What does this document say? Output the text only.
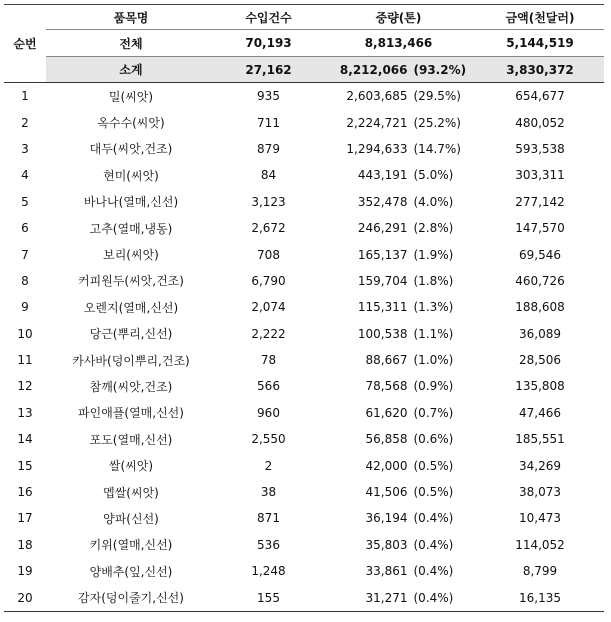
순번	품목명	수입건수	중량(톤)	금액(천달러)
	전체	70,193	8,813,466	5,144,519
	소계	27,162	8,212,066 (93.2%)	3,830,372
1	밀(씨앗)	935	2,603,685 (29.5%)	654,677
2	옥수수(씨앗)	711	2,224,721 (25.2%)	480,052
3	대두(씨앗,건조)	879	1,294,633 (14.7%)	593,538
4	현미(씨앗)	84	443,191 (5.0%)	303,311
5	바나나(열매,신선)	3,123	352,478 (4.0%)	277,142
6	고추(열매,냉동)	2,672	246,291 (2.8%)	147,570
7	보리(씨앗)	708	165,137 (1.9%)	69,546
8	커피원두(씨앗,건조)	6,790	159,704 (1.8%)	460,726
9	오렌지(열매,신선)	2,074	115,311 (1.3%)	188,608
10	당근(뿌리,신선)	2,222	100,538 (1.1%)	36,089
11	카사바(덩이뿌리,건조)	78	88,667 (1.0%)	28,506
12	참깨(씨앗,건조)	566	78,568 (0.9%)	135,808
13	파인애플(열매,신선)	960	61,620 (0.7%)	47,466
14	포도(열매,신선)	2,550	56,858 (0.6%)	185,551
15	쌀(씨앗)	2	42,000 (0.5%)	34,269
16	멥쌀(씨앗)	38	41,506 (0.5%)	38,073
17	양파(신선)	871	36,194 (0.4%)	10,473
18	키위(열매,신선)	536	35,803 (0.4%)	114,052
19	양배추(잎,신선)	1,248	33,861 (0.4%)	8,799
20	감자(덩이줄기,신선)	155	31,271 (0.4%)	16,135
